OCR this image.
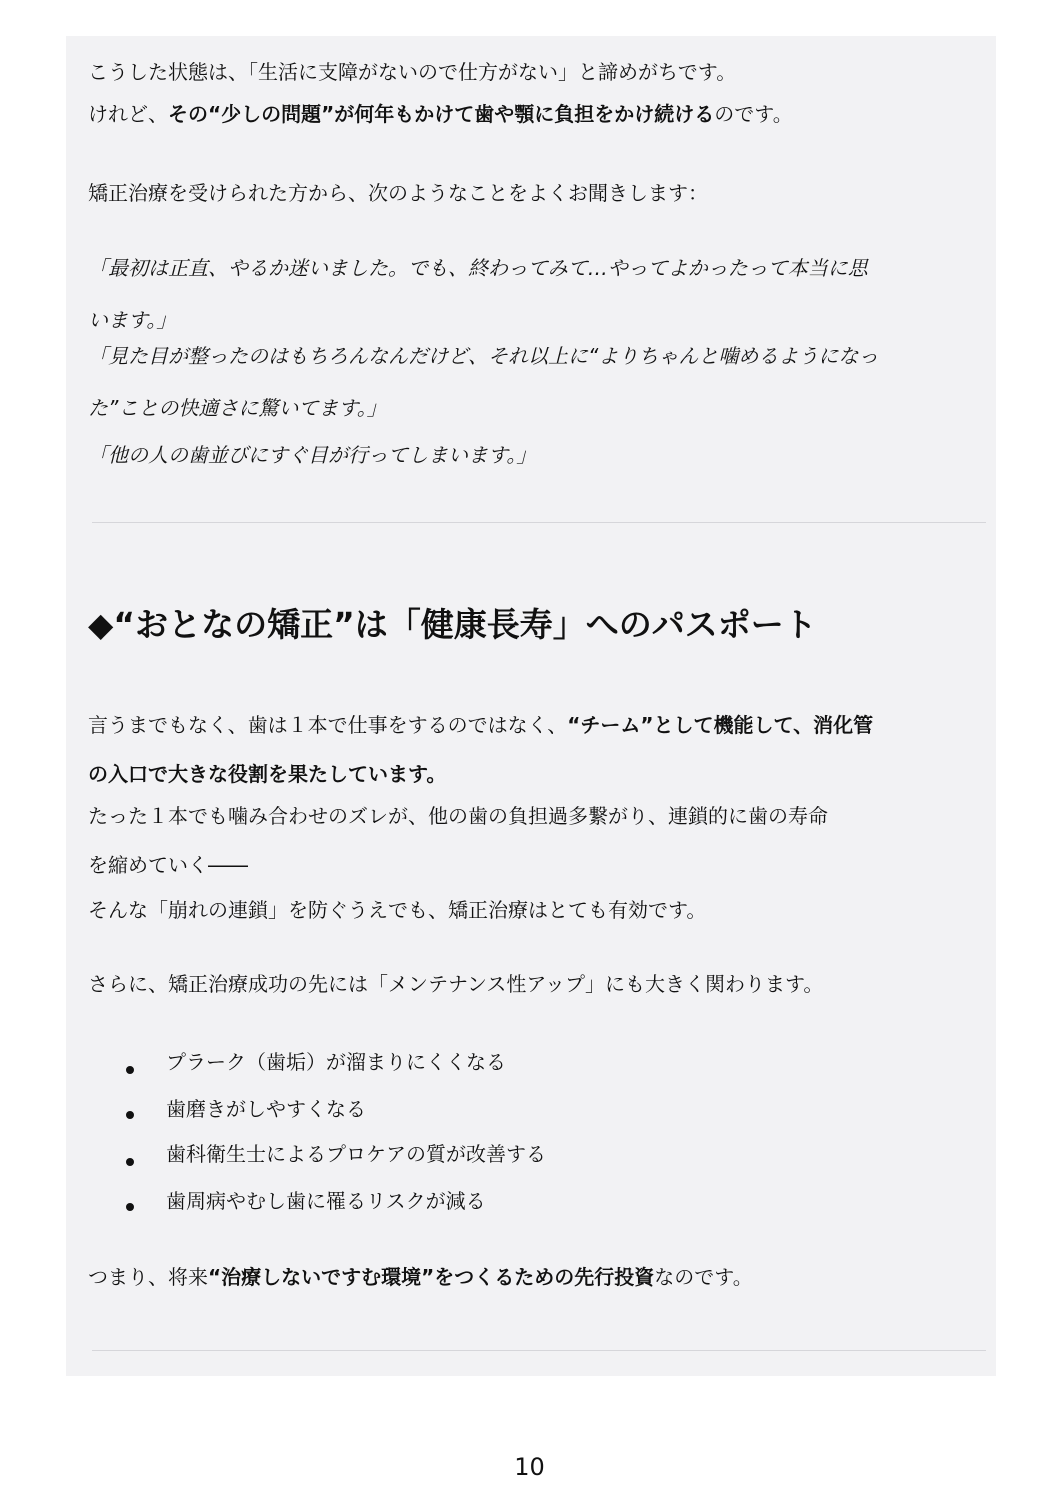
こうした状態は、「生活に支障がないので仕方がない」と諦めがちです。
けれど、その“少しの問題”が何年もかけて歯や顎に負担をかけ続けるのです。
矯正治療を受けられた方から、次のようなことをよくお聞きします：
「最初は正直、やるか迷いました。でも、終わってみて…やってよかったって本当に思
います。」
「見た目が整ったのはもちろんなんだけど、それ以上に“よりちゃんと噛めるようになっ
た”ことの快適さに驚いてます。」
「他の人の歯並びにすぐ目が行ってしまいます。」
◆“おとなの矯正”は「健康長寿」へのパスポート
言うまでもなく、歯は１本で仕事をするのではなく、“チーム”として機能して、消化管
の入口で大きな役割を果たしています。
たった１本でも噛み合わせのズレが、他の歯の負担過多繋がり、連鎖的に歯の寿命
を縮めていく――
そんな「崩れの連鎖」を防ぐうえでも、矯正治療はとても有効です。
さらに、矯正治療成功の先には「メンテナンス性アップ」にも大きく関わります。
プラーク（歯垢）が溜まりにくくなる
歯磨きがしやすくなる
歯科衛生士によるプロケアの質が改善する
歯周病やむし歯に罹るリスクが減る
つまり、将来“治療しないですむ環境”をつくるための先行投資なのです。
10
